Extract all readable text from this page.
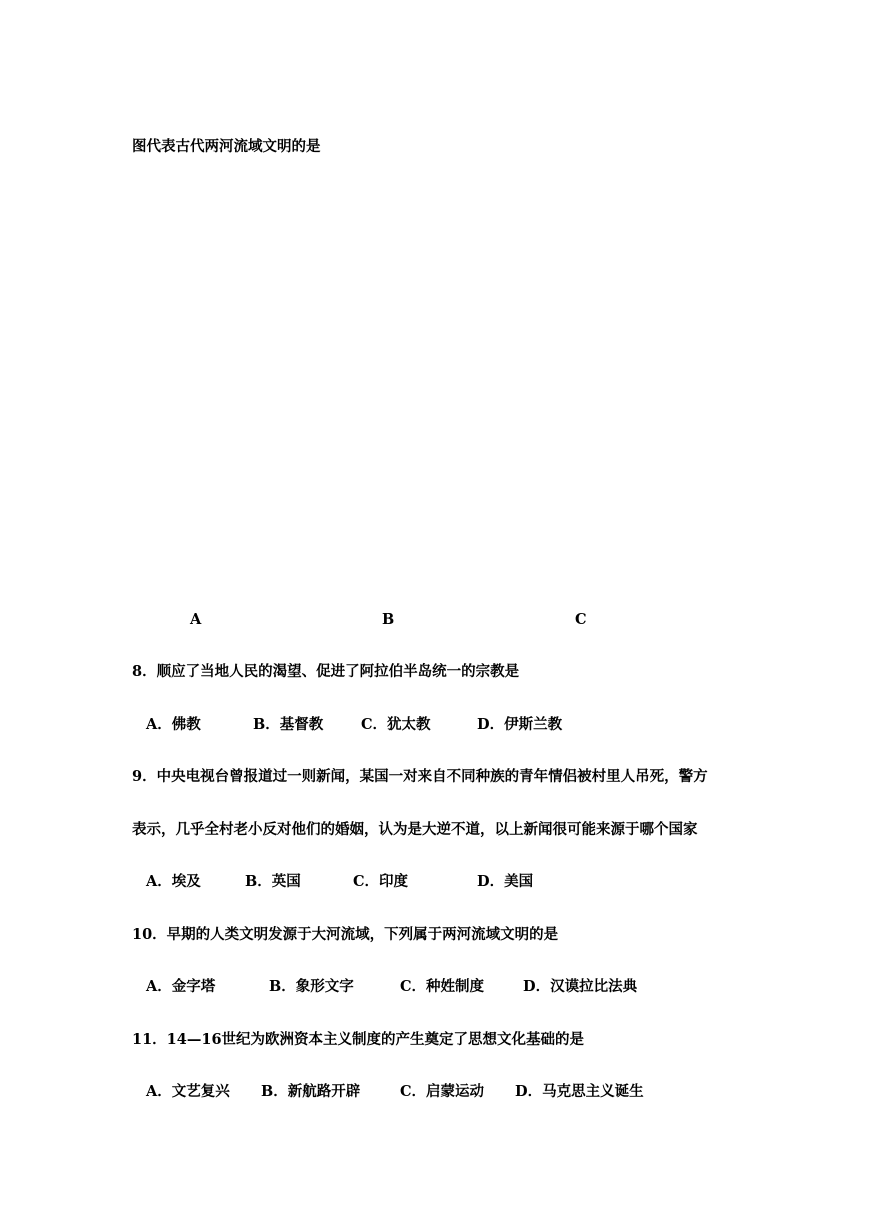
图代表古代两河流域文明的是
A	B	C
8．顺应了当地人民的渴望、促进了阿拉伯半岛统一的宗教是
A．佛教	B．基督教	C．犹太教	D．伊斯兰教
9．中央电视台曾报道过一则新闻，某国一对来自不同种族的青年情侣被村里人吊死，警方
表示，几乎全村老小反对他们的婚姻，认为是大逆不道，以上新闻很可能来源于哪个国家
A．埃及	B．英国	C．印度	D．美国
10．早期的人类文明发源于大河流域，下列属于两河流域文明的是
A．金字塔	B．象形文字	C．种姓制度	D．汉谟拉比法典
11．14—16世纪为欧洲资本主义制度的产生奠定了思想文化基础的是
A．文艺复兴 B．新航路开辟	C．启蒙运动 D．马克思主义诞生
